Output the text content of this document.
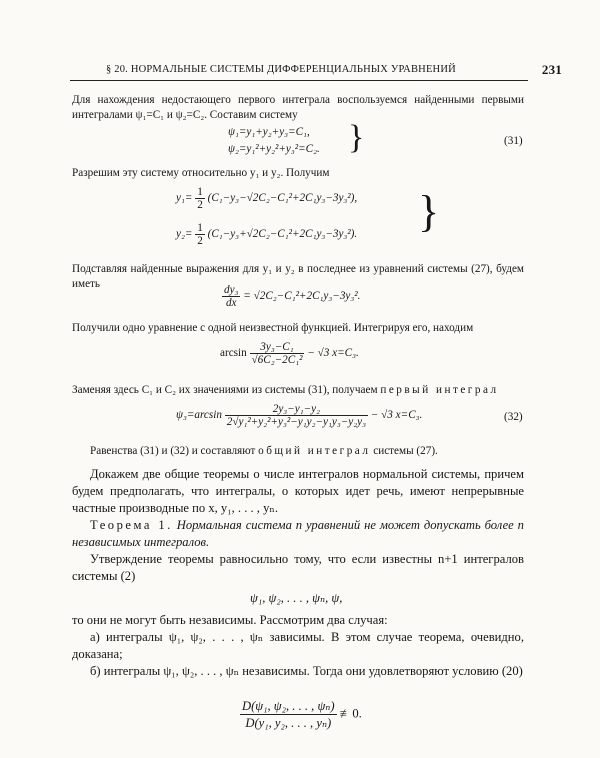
§ 20. НОРМАЛЬНЫЕ СИСТЕМЫ ДИФФЕРЕНЦИАЛЬНЫХ УРАВНЕНИЙ	231
Для нахождения недостающего первого интеграла воспользуемся найденными первыми интегралами ψ₁=C₁ и ψ₂=C₂. Составим систему
ψ₁=y₁+y₂+y₃=C₁,
ψ₂=y₁²+y₂²+y₃²=C₂. }	(31)
Разрешим эту систему относительно y₁ и y₂. Получим
$y_1= \frac{1}{2} (C_1-y_3-√2C_2-C_1^2+2C_1y_3-3y_3^2)$,
$y_2= \frac{1}{2} (C_1-y_3+√2C_2-C_1^2+2C_1y_3-3y_3^2)$. }
Подставляя найденные выражения для y₁ и y₂ в последнее из уравнений системы (27), будем иметь	$\frac{\text{dy₃}}{dx} = √2C_2-C_1^2+2C_1y_3-3y_3^2$.
Получили одно уравнение с одной неизвестной функцией. Интегрируя его, находим
$\arcsin \frac{\text{3y₃−C₁}}{\text{√6C₂−2C₁²}} - √3$ x=C₃.
Заменяя здесь C₁ и C₂ их значениями из системы (31), получаем первый интеграл
$\psi_3=\arcsin \frac{\text{2y₃−y₁−y₂}}{\text{2√y₁²+y₂²+y₃²−y₁y₂−y₁y₃−y₂y₃}} - √3$ x=C₃.	(32)
Равенства (31) и (32) и составляют общий интеграл системы (27).
Докажем две общие теоремы о числе интегралов нормальной системы, причем будем предполагать, что интегралы, о которых идет речь, имеют непрерывные частные производные по x, y₁, . . . , yₙ.
Теорема 1. Нормальная система n уравнений не может допускать более n независимых интегралов.
Утверждение теоремы равносильно тому, что если известны n+1 интегралов системы (2)
ψ₁, ψ₂, . . . , ψₙ, ψ,
то они не могут быть независимы. Рассмотрим два случая:
а) интегралы ψ₁, ψ₂, . . . , ψₙ зависимы. В этом случае теорема, очевидно, доказана;
б) интегралы ψ₁, ψ₂, . . . , ψₙ независимы. Тогда они удовлетворяют условию (20)
$\frac{\text{D(ψ₁, ψ₂, . . . , ψₙ)}}{\text{D(y₁, y₂, . . . , yₙ)}}$ ≢0.
